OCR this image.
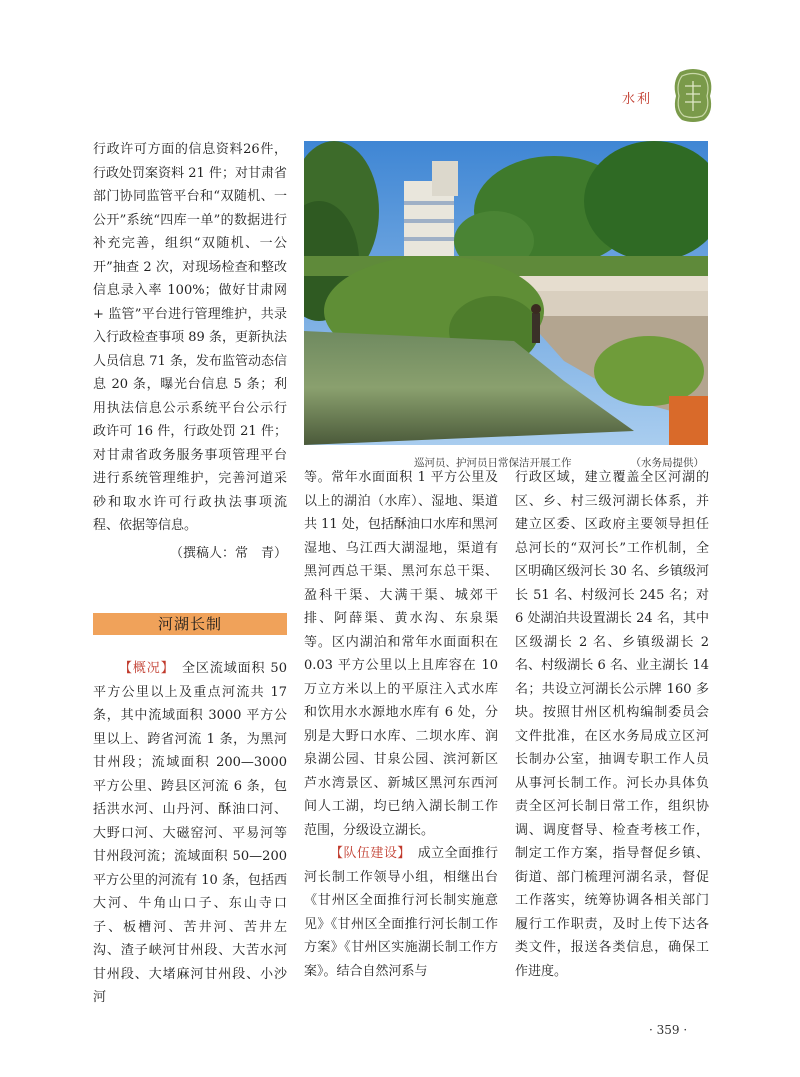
水利

行政许可方面的信息资料26件，行政处罚案资料 21 件；对甘肃省部门协同监管平台和“双随机、一公开”系统“四库一单”的数据进行补充完善，组织“双随机、一公开”抽查 2 次，对现场检查和整改信息录入率 100%；做好甘肃网 + 监管”平台进行管理维护，共录入行政检查事项 89 条，更新执法人员信息 71 条，发布监管动态信息 20 条，曝光台信息 5 条；利用执法信息公示系统平台公示行政许可 16 件，行政处罚 21 件；对甘肃省政务服务事项管理平台进行系统管理维护，完善河道采砂和取水许可行政执法事项流程、依据等信息。

（撰稿人：常　青）

河湖长制

【概况】　 全区流域面积 50 平方公里以上及重点河流共 17 条，其中流域面积 3000 平方公里以上、跨省河流 1 条，为黑河甘州段；流域面积 200—3000 平方公里、跨县区河流 6 条，包括洪水河、山丹河、酥油口河、大野口河、大磁窑河、平易河等甘州段河流；流域面积 50—200 平方公里的河流有 10 条，包括西大河、牛角山口子、东山寺口子、板槽河、苦井河、苦井左沟、渣子峡河甘州段、大苦水河甘州段、大堵麻河甘州段、小沙河

巡河员、护河员日常保洁开展工作	（水务局提供）

等。常年水面面积 1 平方公里及以上的湖泊（水库）、湿地、渠道共 11 处，包括酥油口水库和黑河湿地、乌江西大湖湿地，渠道有黑河西总干渠、黑河东总干渠、盈科干渠、大满干渠、城郊干排、阿薛渠、黄水沟、东泉渠等。区内湖泊和常年水面面积在 0.03 平方公里以上且库容在 10 万立方米以上的平原注入式水库和饮用水水源地水库有 6 处，分别是大野口水库、二坝水库、润泉湖公园、甘泉公园、滨河新区芦水湾景区、新城区黑河东西河间人工湖，均已纳入湖长制工作范围，分级设立湖长。

【队伍建设】　 成立全面推行河长制工作领导小组，相继出台《甘州区全面推行河长制实施意见》《甘州区全面推行河长制工作方案》《甘州区实施湖长制工作方案》。结合自然河系与

行政区域，建立覆盖全区河湖的区、乡、村三级河湖长体系，并建立区委、区政府主要领导担任总河长的“双河长”工作机制，全区明确区级河长 30 名、乡镇级河长 51 名、村级河长 245 名；对 6 处湖泊共设置湖长 24 名，其中区级湖长 2 名、乡镇级湖长 2 名、村级湖长 6 名、业主湖长 14 名；共设立河湖长公示牌 160 多块。按照甘州区机构编制委员会文件批准，在区水务局成立区河长制办公室，抽调专职工作人员从事河长制工作。河长办具体负责全区河长制日常工作，组织协调、调度督导、检查考核工作，制定工作方案，指导督促乡镇、街道、部门梳理河湖名录，督促工作落实，统筹协调各相关部门履行工作职责，及时上传下达各类文件，报送各类信息，确保工作进度。

· 359 ·
